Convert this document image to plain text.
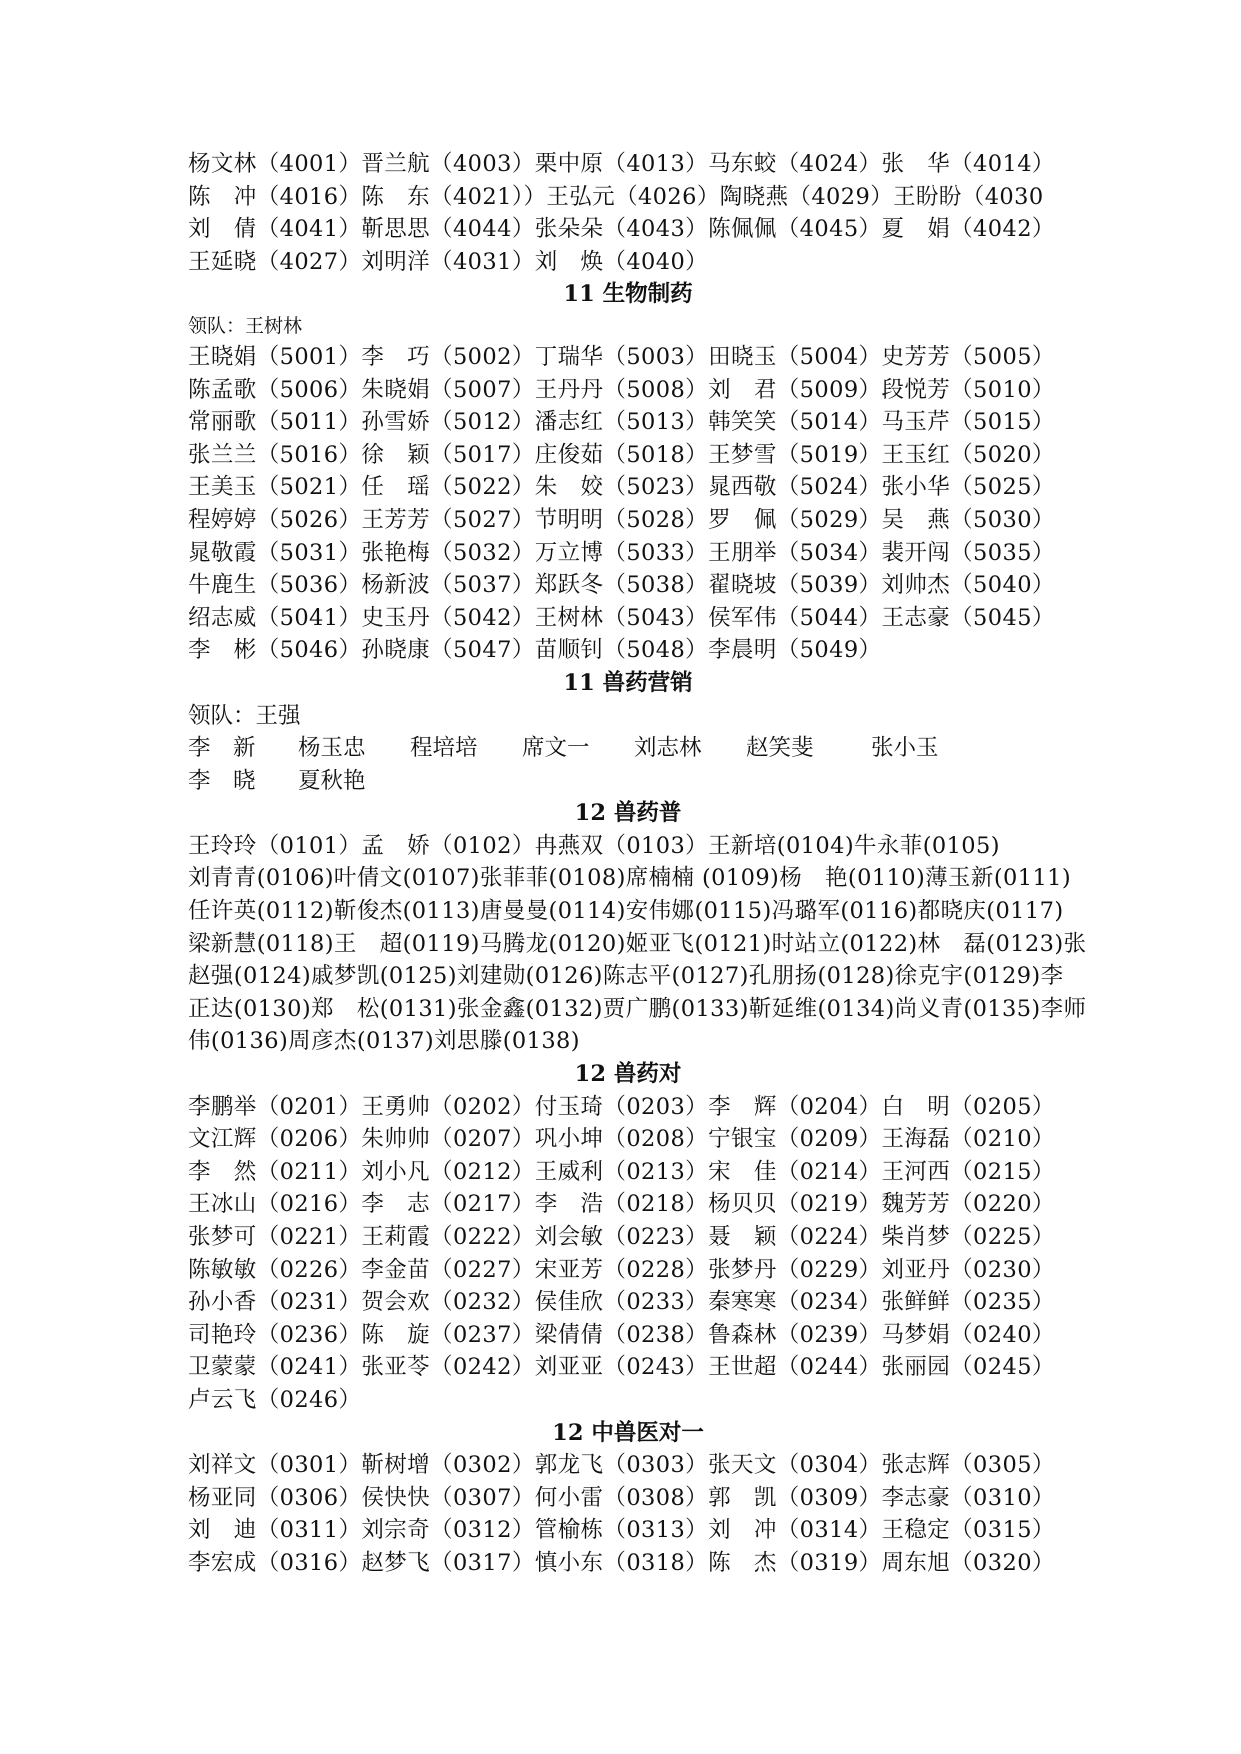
杨文林（4001）晋兰航（4003）栗中原（4013）马东蛟（4024）张　华（4014）
陈　冲（4016）陈　东（4021））王弘元（4026）陶晓燕（4029）王盼盼（4030
刘　倩（4041）靳思思（4044）张朵朵（4043）陈佩佩（4045）夏　娟（4042）
王延晓（4027）刘明洋（4031）刘　焕（4040）
11 生物制药
领队：王树林
王晓娟（5001）李　巧（5002）丁瑞华（5003）田晓玉（5004）史芳芳（5005）
陈孟歌（5006）朱晓娟（5007）王丹丹（5008）刘　君（5009）段悦芳（5010）
常丽歌（5011）孙雪娇（5012）潘志红（5013）韩笑笑（5014）马玉芹（5015）
张兰兰（5016）徐　颖（5017）庄俊茹（5018）王梦雪（5019）王玉红（5020）
王美玉（5021）任　瑶（5022）朱　姣（5023）晁西敬（5024）张小华（5025）
程婷婷（5026）王芳芳（5027）节明明（5028）罗　佩（5029）吴　燕（5030）
晁敬霞（5031）张艳梅（5032）万立博（5033）王朋举（5034）裴开闯（5035）
牛鹿生（5036）杨新波（5037）郑跃冬（5038）翟晓坡（5039）刘帅杰（5040）
绍志威（5041）史玉丹（5042）王树林（5043）侯军伟（5044）王志豪（5045）
李　彬（5046）孙晓康（5047）苗顺钊（5048）李晨明（5049）
11 兽药营销
领队：王强
李　新 杨玉忠 程培培 席文一 刘志林 赵笑斐	张小玉
李　晓 夏秋艳
12 兽药普
王玲玲（0101）孟　娇（0102）冉燕双（0103）王新培(0104)牛永菲(0105)
刘青青(0106)叶倩文(0107)张菲菲(0108)席楠楠 (0109)杨　艳(0110)薄玉新(0111)
任许英(0112)靳俊杰(0113)唐曼曼(0114)安伟娜(0115)冯璐军(0116)都晓庆(0117)
梁新慧(0118)王　超(0119)马腾龙(0120)姬亚飞(0121)时站立(0122)林　磊(0123)张
赵强(0124)戚梦凯(0125)刘建勋(0126)陈志平(0127)孔朋扬(0128)徐克宇(0129)李
正达(0130)郑　松(0131)张金鑫(0132)贾广鹏(0133)靳延维(0134)尚义青(0135)李师
伟(0136)周彦杰(0137)刘思滕(0138)
12 兽药对
李鹏举（0201）王勇帅（0202）付玉琦（0203）李　辉（0204）白　明（0205）
文江辉（0206）朱帅帅（0207）巩小坤（0208）宁银宝（0209）王海磊（0210）
李　然（0211）刘小凡（0212）王威利（0213）宋　佳（0214）王河西（0215）
王冰山（0216）李　志（0217）李　浩（0218）杨贝贝（0219）魏芳芳（0220）
张梦可（0221）王莉霞（0222）刘会敏（0223）聂　颖（0224）柴肖梦（0225）
陈敏敏（0226）李金苗（0227）宋亚芳（0228）张梦丹（0229）刘亚丹（0230）
孙小香（0231）贺会欢（0232）侯佳欣（0233）秦寒寒（0234）张鲜鲜（0235）
司艳玲（0236）陈　旋（0237）梁倩倩（0238）鲁森林（0239）马梦娟（0240）
卫蒙蒙（0241）张亚苓（0242）刘亚亚（0243）王世超（0244）张丽园（0245）
卢云飞（0246）
12 中兽医对一
刘祥文（0301）靳树增（0302）郭龙飞（0303）张天文（0304）张志辉（0305）
杨亚同（0306）侯快快（0307）何小雷（0308）郭　凯（0309）李志豪（0310）
刘　迪（0311）刘宗奇（0312）管榆栋（0313）刘　冲（0314）王稳定（0315）
李宏成（0316）赵梦飞（0317）慎小东（0318）陈　杰（0319）周东旭（0320）
